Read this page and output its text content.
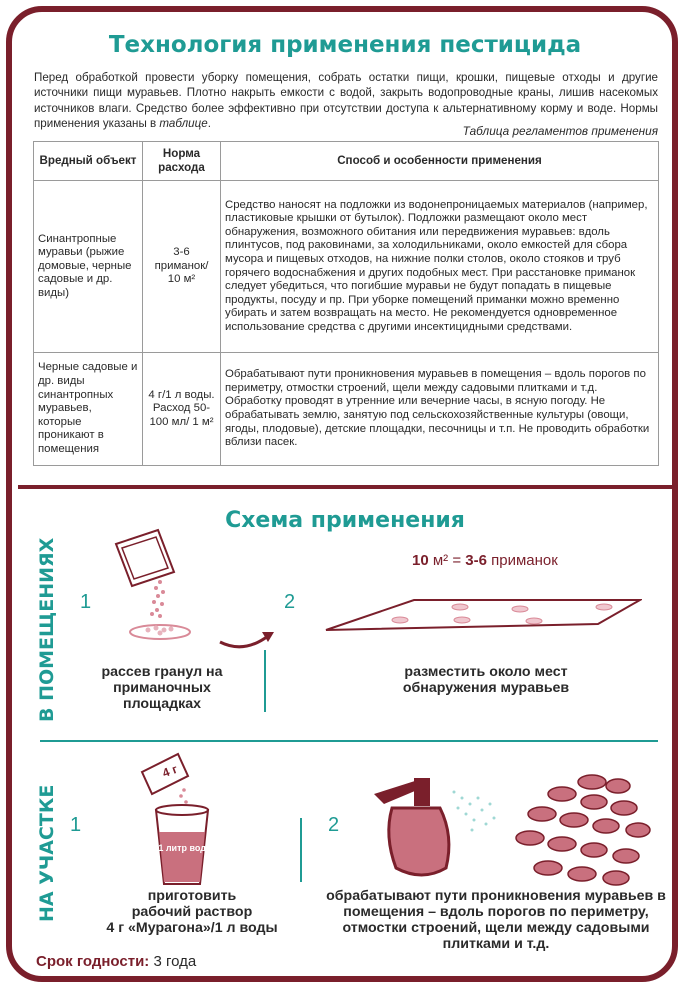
Технология применения пестицида
Перед обработкой провести уборку помещения, собрать остатки пищи, крошки, пищевые отходы и другие источники пищи муравьев. Плотно накрыть емкости с водой, закрыть водопроводные краны, лишив насекомых источников влаги. Средство более эффективно при отсутствии доступа к альтернативному корму и воде. Нормы применения указаны в таблице.
Таблица регламентов применения
Вредный объект	Норма расхода	Способ и особенности применения
Синантропные муравьи (рыжие домовые, черные садовые и др. виды)	3-6 приманок/ 10 м²	Средство наносят на подложки из водонепроницаемых материалов (например, пластиковые крышки от бутылок). Подложки размещают около мест обнаружения, возможного обитания или передвижения муравьев: вдоль плинтусов, под раковинами, за холодильниками, около емкостей для сбора мусора и пищевых отходов, на нижние полки столов, около стояков и труб горячего водоснабжения и других подобных мест. При расстановке приманок следует убедиться, что погибшие муравьи не будут попадать в пищевые продукты, посуду и пр. При уборке помещений приманки можно временно убирать и затем возвращать на место. Не рекомендуется одновременное использование средства с другими инсектицидными средствами.
Черные садовые и др. виды синантропных муравьев, которые проникают в помещения	4 г/1 л воды. Расход 50-100 мл/ 1 м²	Обрабатывают пути проникновения муравьев в помещения – вдоль порогов по периметру, отмостки строений, щели между садовыми плитками и т.д. Обработку проводят в утренние или вечерние часы, в ясную погоду. Не обрабатывать землю, занятую под сельскохозяйственные культуры (овощи, ягоды, плодовые), детские площадки, песочницы и т.п. Не проводить обработки вблизи пасек.
Схема применения
В ПОМЕЩЕНИЯХ 1	2
10 м² = 3-6 приманок
рассев гранул на приманочных площадках
разместить около мест обнаружения муравьев
НА УЧАСТКЕ 1
4 г
1 литр воды
2
приготовить
рабочий раствор
4 г «Мурагона»/1 л воды
обрабатывают пути проникновения муравьев в помещения – вдоль порогов по периметру, отмостки строений, щели между садовыми плитками и т.д.
Срок годности: 3 года
